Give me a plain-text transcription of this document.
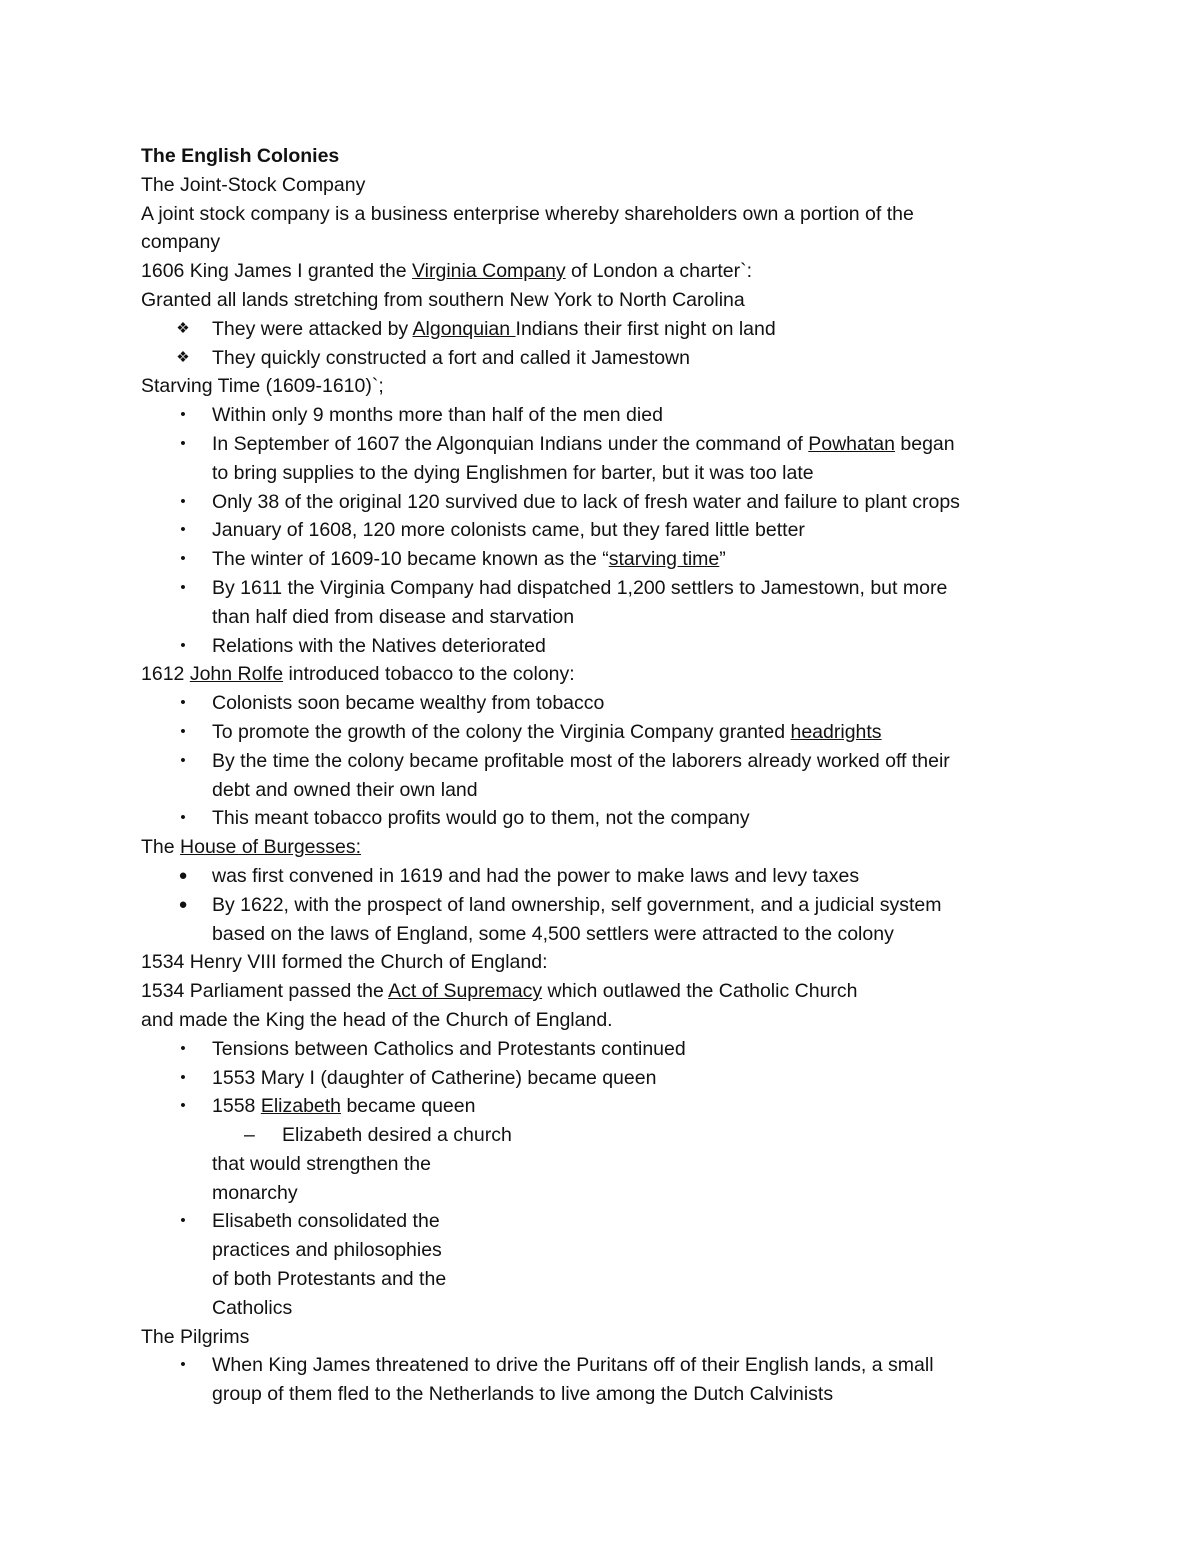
The English Colonies
The Joint-Stock Company
A joint stock company is a business enterprise whereby shareholders own a portion of the
company
1606 King James I granted the Virginia Company of London a charter`:
Granted all lands stretching from southern New York to North Carolina
❖ They were attacked by Algonquian Indians their first night on land
❖ They quickly constructed a fort and called it Jamestown
Starving Time (1609-1610)`;
•	Within only 9 months more than half of the men died
•	In September of 1607 the Algonquian Indians under the command of Powhatan began
to bring supplies to the dying Englishmen for barter, but it was too late
•	Only 38 of the original 120 survived due to lack of fresh water and failure to plant crops
•	January of 1608, 120 more colonists came, but they fared little better
•	The winter of 1609-10 became known as the “starving time”
•	By 1611 the Virginia Company had dispatched 1,200 settlers to Jamestown, but more
than half died from disease and starvation
•	Relations with the Natives deteriorated
1612 John Rolfe introduced tobacco to the colony:
•	Colonists soon became wealthy from tobacco
•	To promote the growth of the colony the Virginia Company granted headrights
•	By the time the colony became profitable most of the laborers already worked off their
debt and owned their own land
•	This meant tobacco profits would go to them, not the company
The House of Burgesses:
● was first convened in 1619 and had the power to make laws and levy taxes
● By 1622, with the prospect of land ownership, self government, and a judicial system
based on the laws of England, some 4,500 settlers were attracted to the colony
1534 Henry VIII formed the Church of England:
1534 Parliament passed the Act of Supremacy which outlawed the Catholic Church
and made the King the head of the Church of England.
•	Tensions between Catholics and Protestants continued
•	1553 Mary I (daughter of Catherine) became queen
•	1558 Elizabeth became queen
– Elizabeth desired a church
that would strengthen the
monarchy
•	Elisabeth consolidated the
practices and philosophies
of both Protestants and the
Catholics
The Pilgrims
•	When King James threatened to drive the Puritans off of their English lands, a small
group of them fled to the Netherlands to live among the Dutch Calvinists
